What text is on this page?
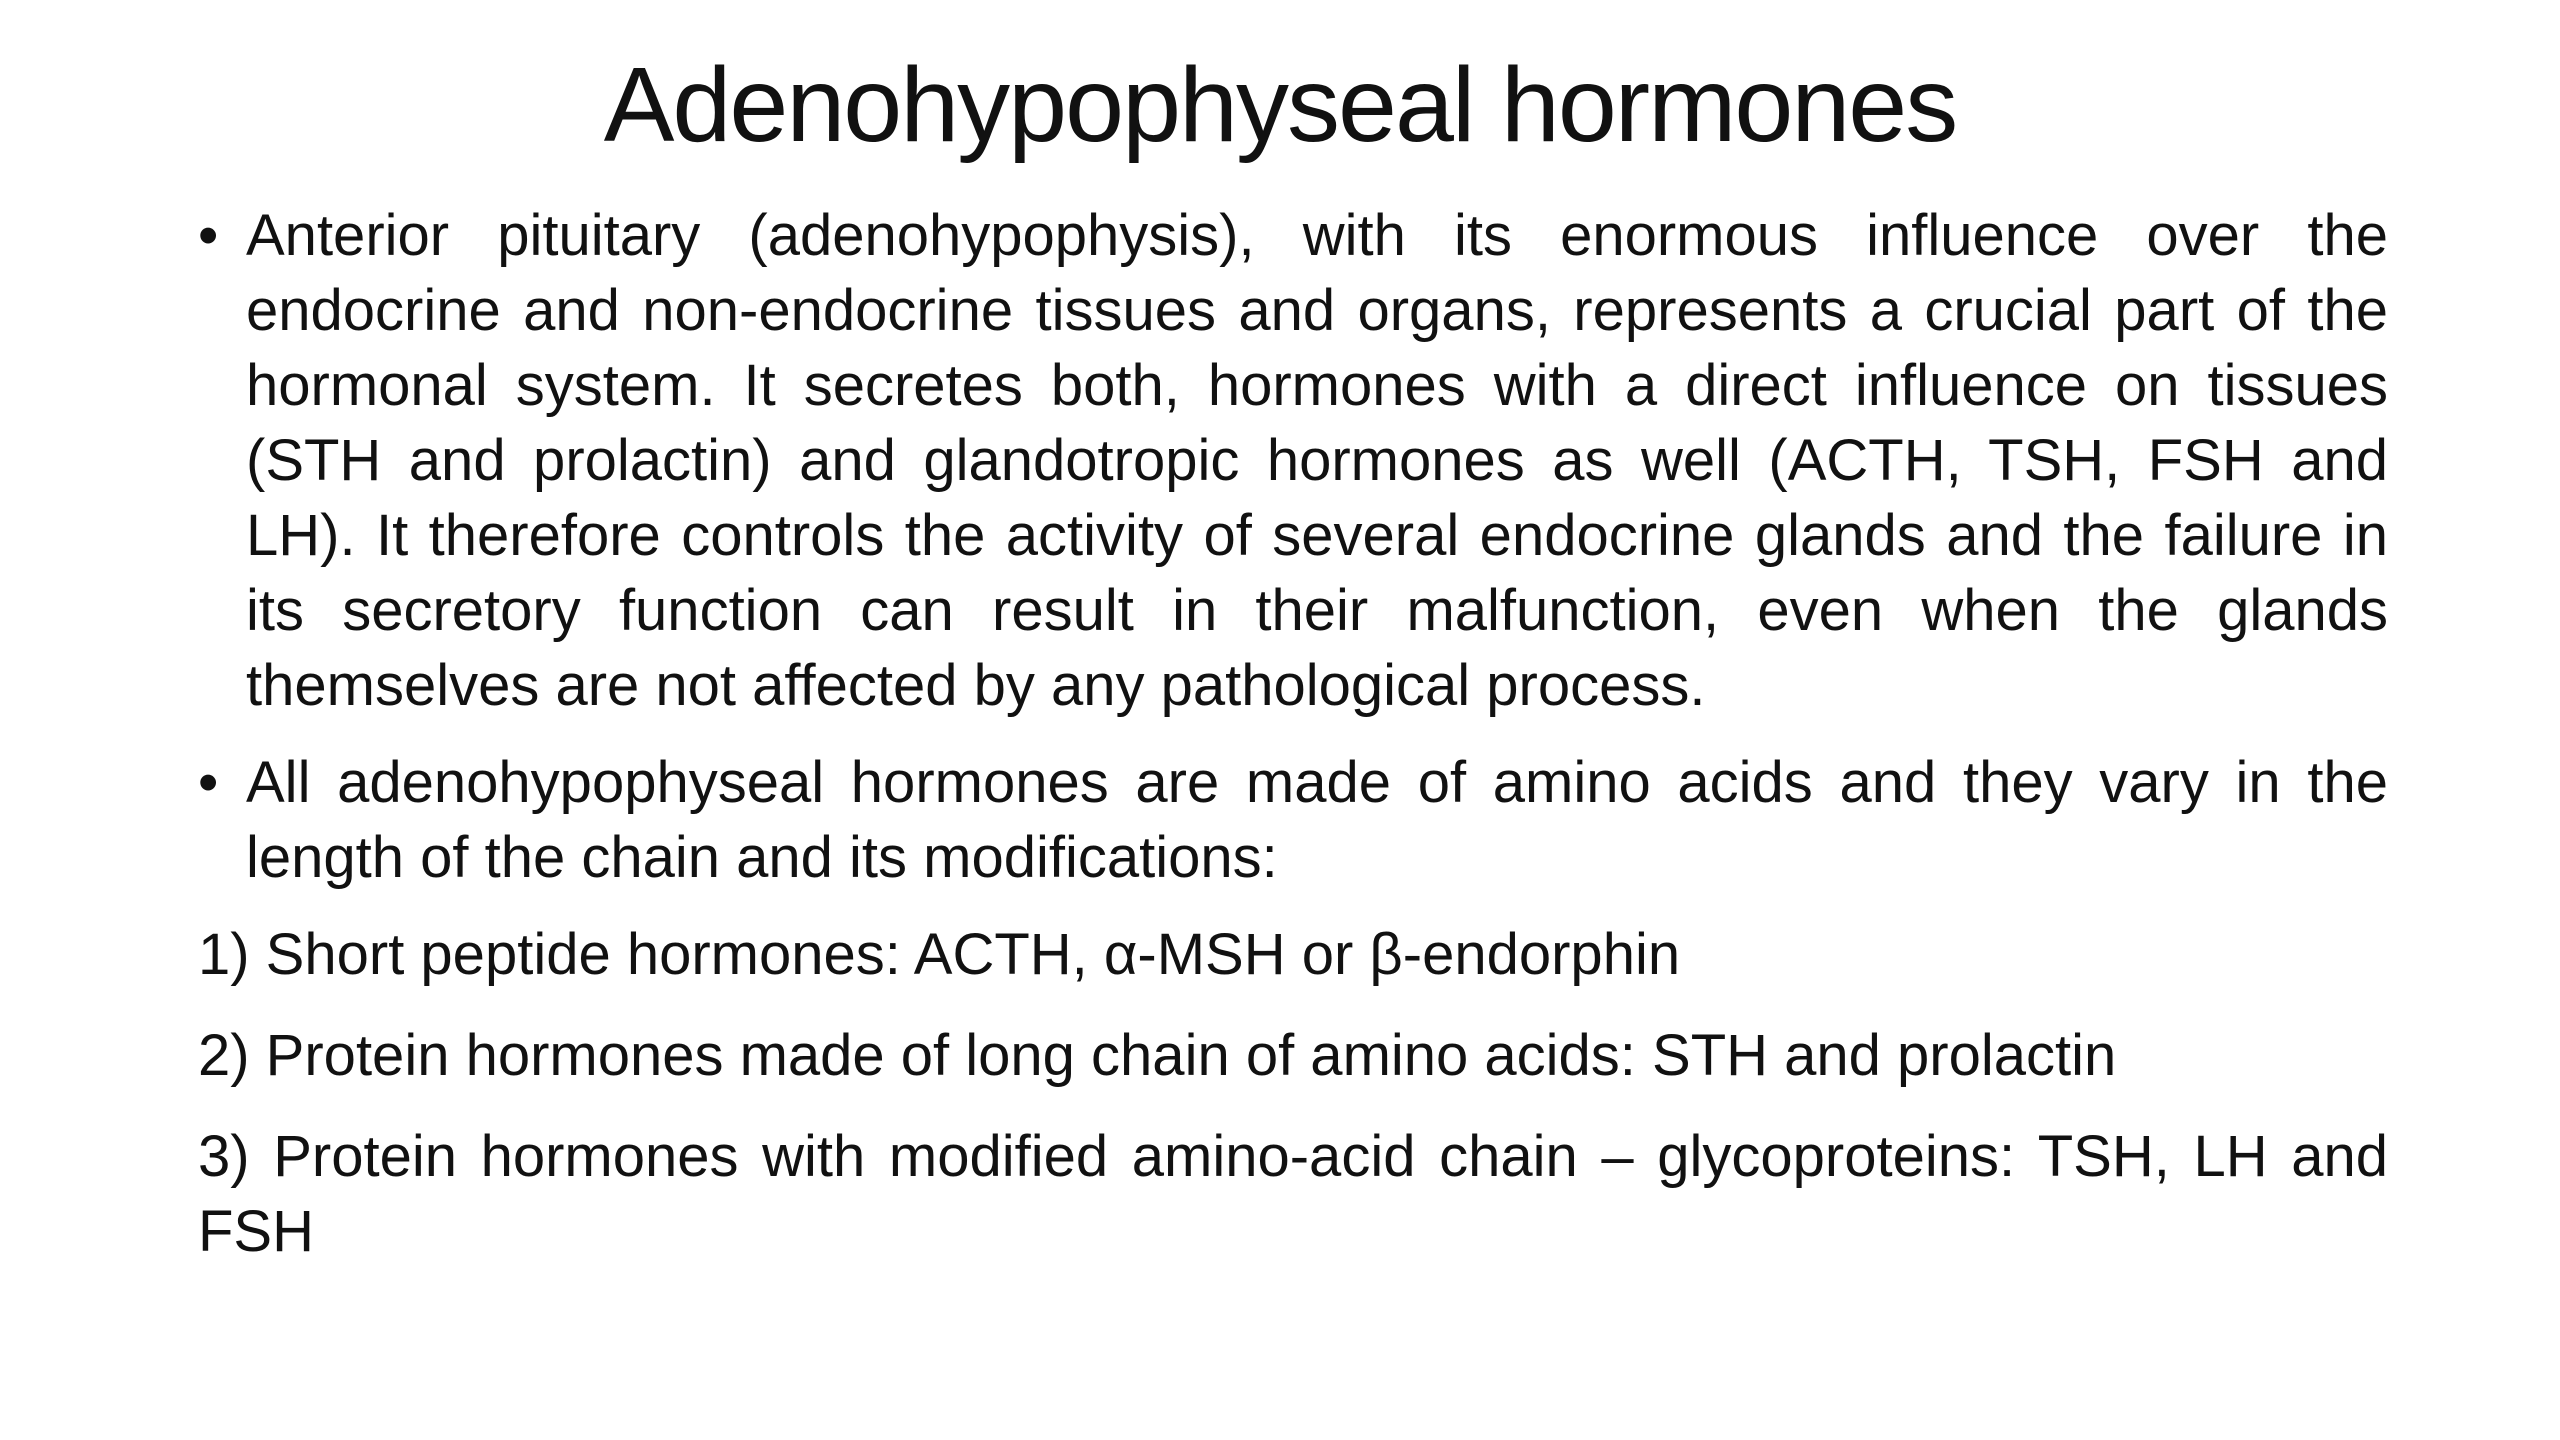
Adenohypophyseal hormones

• Anterior pituitary (adenohypophysis), with its enormous influence over the endocrine and non-endocrine tissues and organs, represents a crucial part of the hormonal system. It secretes both, hormones with a direct influence on tissues (STH and prolactin) and glandotropic hormones as well (ACTH, TSH, FSH and LH). It therefore controls the activity of several endocrine glands and the failure in its secretory function can result in their malfunction, even when the glands themselves are not affected by any pathological process.

• All adenohypophyseal hormones are made of amino acids and they vary in the length of the chain and its modifications:

1) Short peptide hormones: ACTH, α-MSH or β-endorphin

2) Protein hormones made of long chain of amino acids: STH and prolactin

3) Protein hormones with modified amino-acid chain – glycoproteins: TSH, LH and FSH
